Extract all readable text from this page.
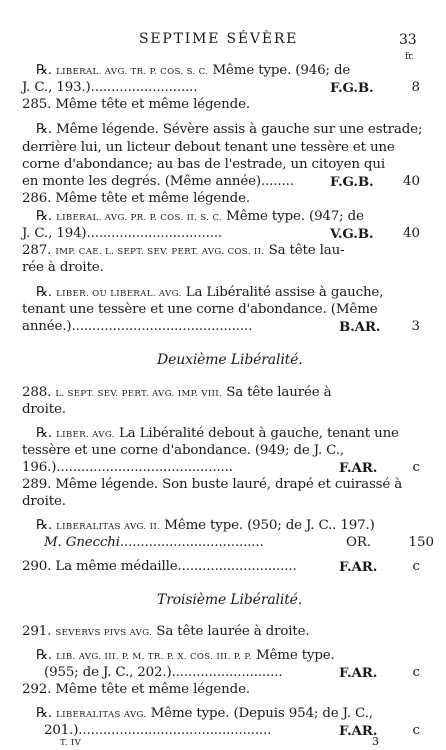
SEPTIME SÉVÈRE	33
fr.
℞. LIBERAL. AVG. TR. P. COS. S. C. Même type. (946; de
J. C., 193.)..........................	F.G.B.	8
285. Même tête et même légende.
℞. Même légende. Sévère assis à gauche sur une estrade;
derrière lui, un licteur debout tenant une tessère et une
corne d'abondance; au bas de l'estrade, un citoyen qui
en monte les degrés. (Même année)........	F.G.B. 40
286. Même tête et même légende.
℞. LIBERAL. AVG. PR. P. COS. II. S. C. Même type. (947; de
J. C., 194).................................	V.G.B. 40
287. IMP. CAE. L. SEPT. SEV. PERT. AVG. COS. II. Sa tête lau-
rée à droite.
℞. LIBER. OU LIBERAL. AVG. La Libéralité assise à gauche,
tenant une tessère et une corne d'abondance. (Même
année.)............................................	B.AR. 3
Deuxième Libéralité.
288. L. SEPT. SEV. PERT. AVG. IMP. VIII. Sa tête laurée à
droite.
℞. LIBER. AVG. La Libéralité debout à gauche, tenant une
tessère et une corne d'abondance. (949; de J. C.,
196.)...........................................	F.AR.	c
289. Même légende. Son buste lauré, drapé et cuirassé à
droite.
℞. LIBERALITAS AVG. II. Même type. (950; de J. C.. 197.)
M. Gnecchi...................................	OR.	150
290. La même médaille.............................	F.AR.	c
Troisième Libéralité.
291. SEVERVS PIVS AVG. Sa tête laurée à droite.
℞. LIB. AVG. III. P. M. TR. P. X. COS. III. P. P. Même type.
(955; de J. C., 202.)...........................	F.AR.	c
292. Même tête et même légende.
℞. LIBERALITAS AVG. Même type. (Depuis 954; de J. C.,
201.)...............................................	F.AR.	c
T. IV	3
